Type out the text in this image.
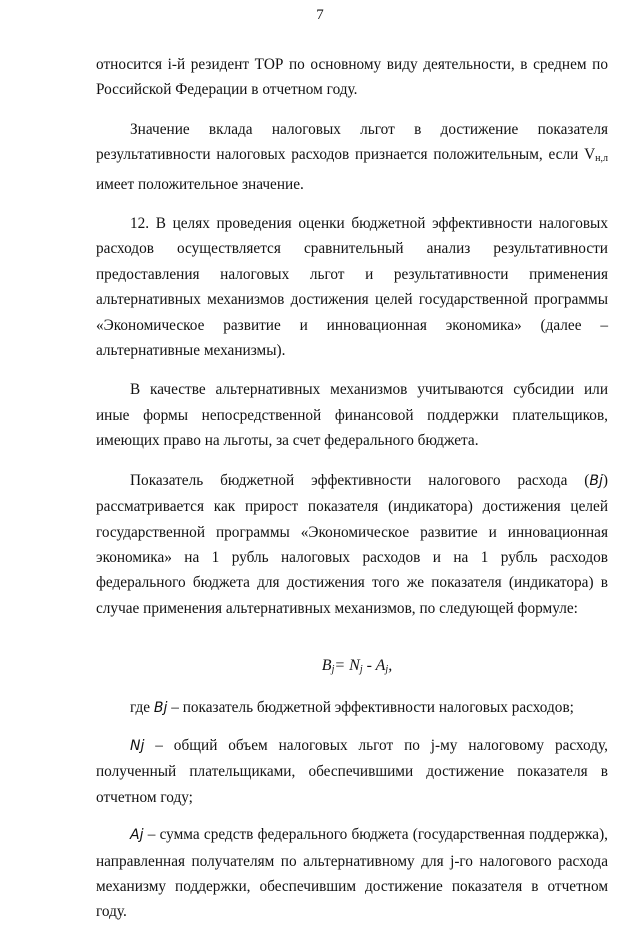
7

относится i-й резидент ТОР по основному виду деятельности, в среднем по Российской Федерации в отчетном году.

Значение вклада налоговых льгот в достижение показателя результативности налоговых расходов признается положительным, если $V_{н,л}$ имеет положительное значение.

12. В целях проведения оценки бюджетной эффективности налоговых расходов осуществляется сравнительный анализ результативности предоставления налоговых льгот и результативности применения альтернативных механизмов достижения целей государственной программы «Экономическое развитие и инновационная экономика» (далее – альтернативные механизмы).

В качестве альтернативных механизмов учитываются субсидии или иные формы непосредственной финансовой поддержки плательщиков, имеющих право на льготы, за счет федерального бюджета.

Показатель бюджетной эффективности налогового расхода (Bj) рассматривается как прирост показателя (индикатора) достижения целей государственной программы «Экономическое развитие и инновационная экономика» на 1 рубль налоговых расходов и на 1 рубль расходов федерального бюджета для достижения того же показателя (индикатора) в случае применения альтернативных механизмов, по следующей формуле:

$B_j= N_j - A_j$,

где Bj – показатель бюджетной эффективности налоговых расходов;

Nj – общий объем налоговых льгот по j-му налоговому расходу, полученный плательщиками, обеспечившими достижение показателя в отчетном году;

Aj – сумма средств федерального бюджета (государственная поддержка), направленная получателям по альтернативному для j-го налогового расхода механизму поддержки, обеспечившим достижение показателя в отчетном году.
